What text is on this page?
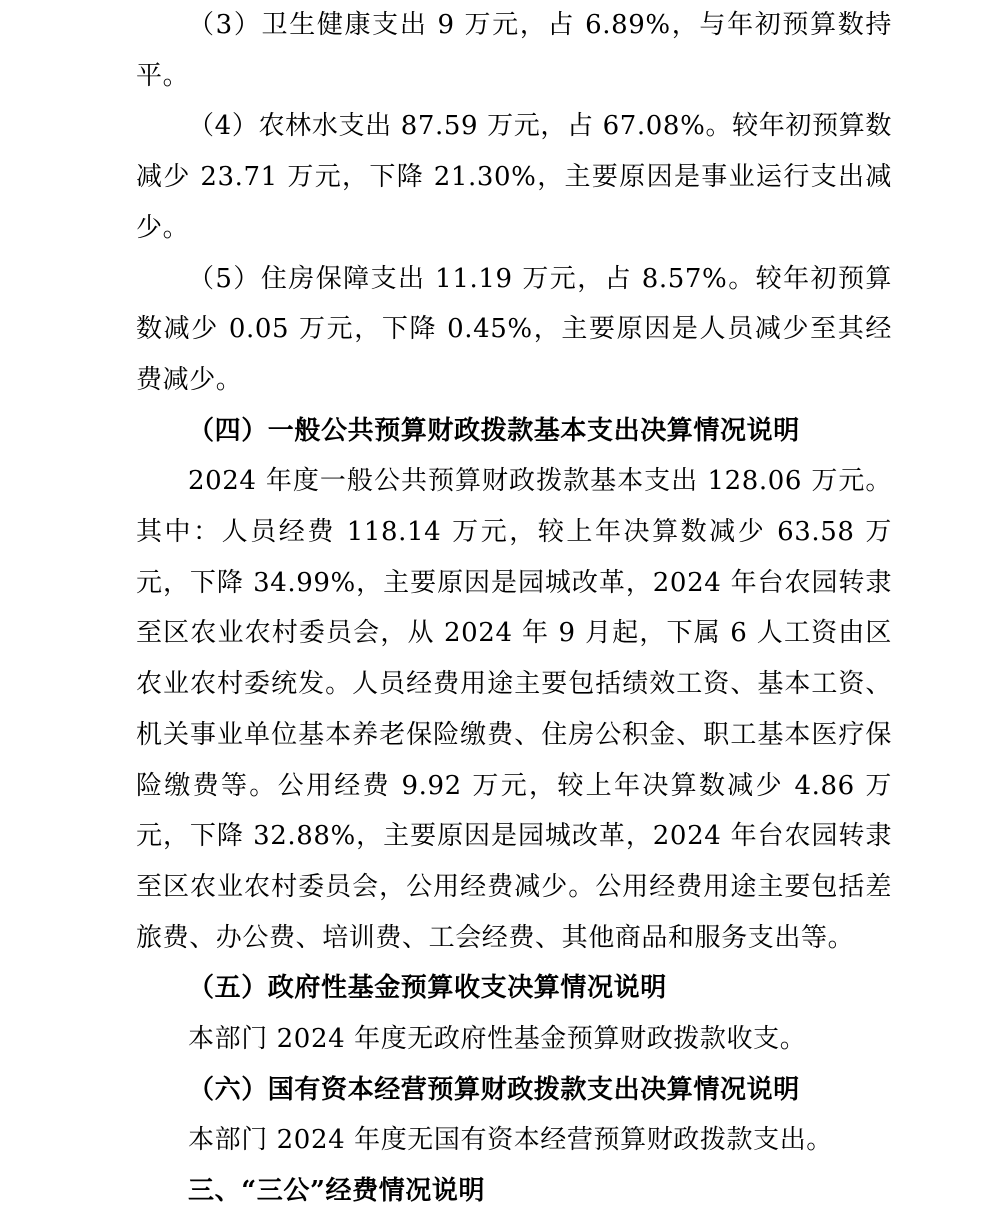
（3）卫生健康支出 9 万元，占 6.89%，与年初预算数持平。

（4）农林水支出 87.59 万元，占 67.08%。较年初预算数减少 23.71 万元，下降 21.30%，主要原因是事业运行支出减少。

（5）住房保障支出 11.19 万元，占 8.57%。较年初预算数减少 0.05 万元，下降 0.45%，主要原因是人员减少至其经费减少。

（四）一般公共预算财政拨款基本支出决算情况说明

2024 年度一般公共预算财政拨款基本支出 128.06 万元。其中：人员经费 118.14 万元，较上年决算数减少 63.58 万元，下降 34.99%，主要原因是园城改革，2024 年台农园转隶至区农业农村委员会，从 2024 年 9 月起，下属 6 人工资由区农业农村委统发。人员经费用途主要包括绩效工资、基本工资、机关事业单位基本养老保险缴费、住房公积金、职工基本医疗保险缴费等。公用经费 9.92 万元，较上年决算数减少 4.86 万元，下降 32.88%，主要原因是园城改革，2024 年台农园转隶至区农业农村委员会，公用经费减少。公用经费用途主要包括差旅费、办公费、培训费、工会经费、其他商品和服务支出等。

（五）政府性基金预算收支决算情况说明

本部门 2024 年度无政府性基金预算财政拨款收支。

（六）国有资本经营预算财政拨款支出决算情况说明

本部门 2024 年度无国有资本经营预算财政拨款支出。

三、“三公”经费情况说明
